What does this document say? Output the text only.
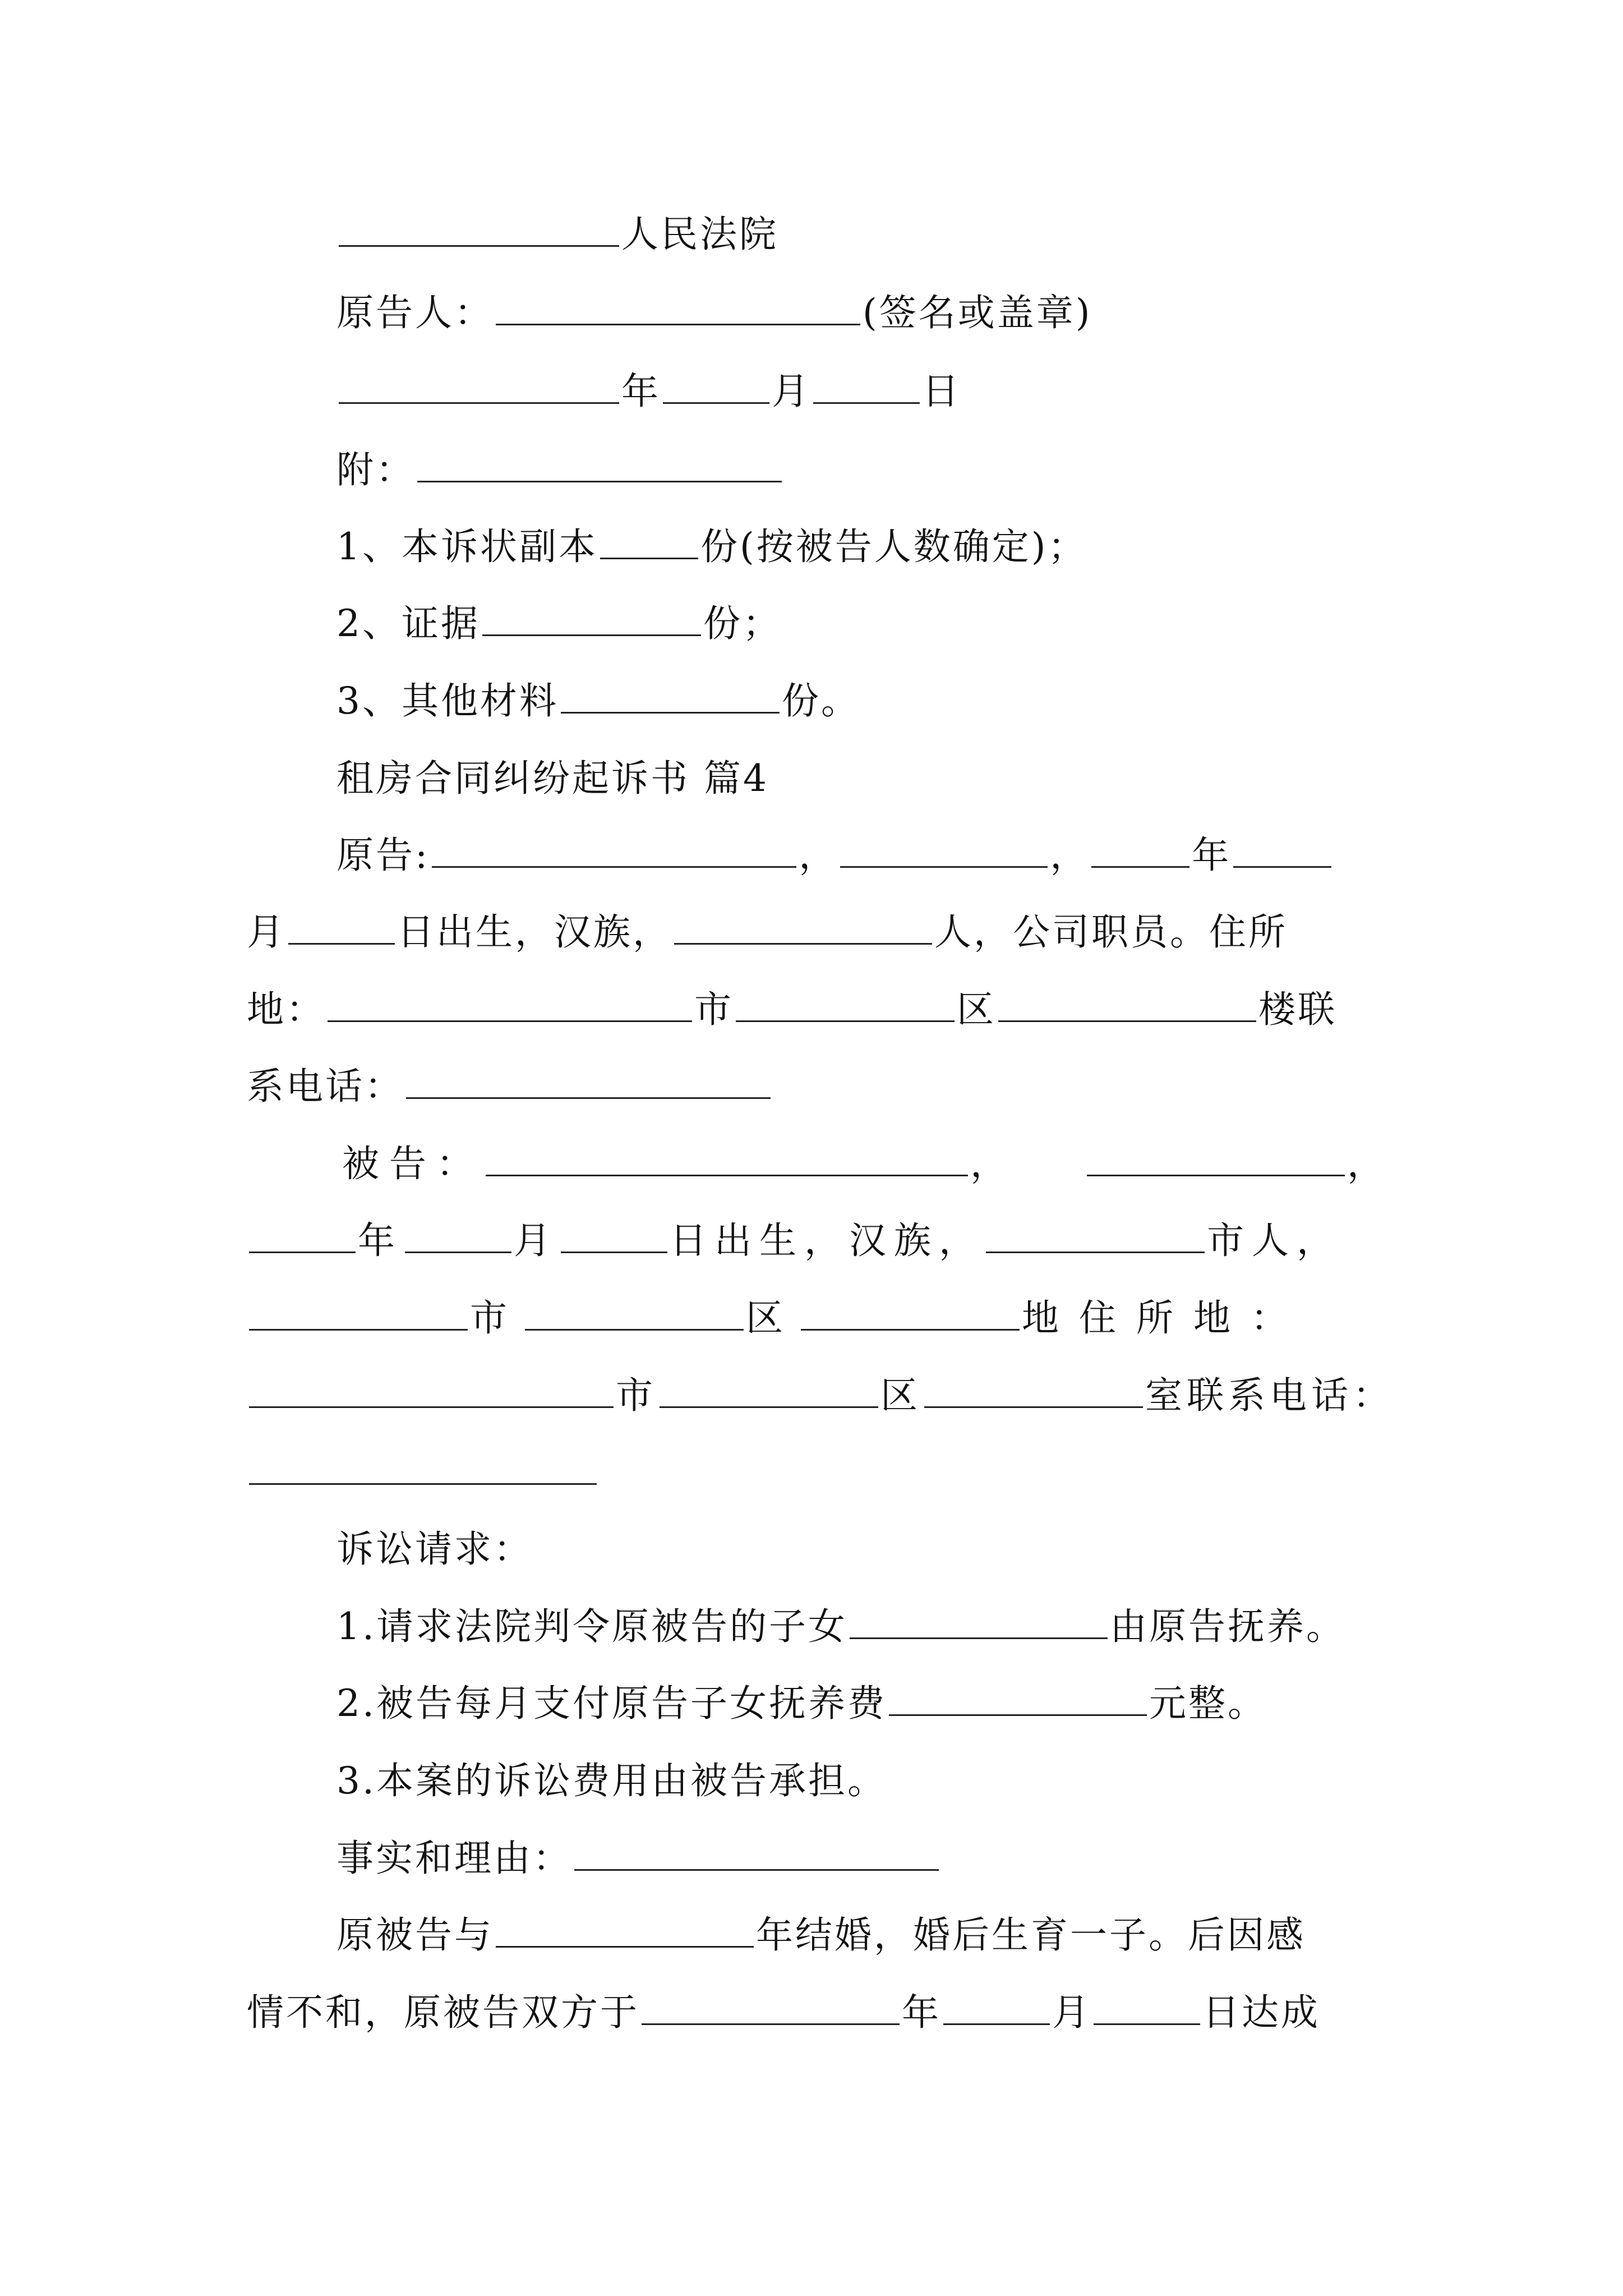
人民法院
原告人：	(签名或盖章)
年	月	日
附：
1、本诉状副本	份(按被告人数确定)；
2、证据	份；
3、其他材料	份。
租房合同纠纷起诉书 篇4
原告:	，	，	年
月	日出生，汉族，	人，公司职员。住所
地：	市	区	楼联
系电话：
被告：	，	，
年	月	日出生，汉族，	市人，
市	区	地住所地：
市	区	室联系电话：
诉讼请求：
1.请求法院判令原被告的子女	由原告抚养。
2.被告每月支付原告子女抚养费	元整。
3.本案的诉讼费用由被告承担。
事实和理由：
原被告与	年结婚，婚后生育一子。后因感
情不和，原被告双方于	年	月	日达成
